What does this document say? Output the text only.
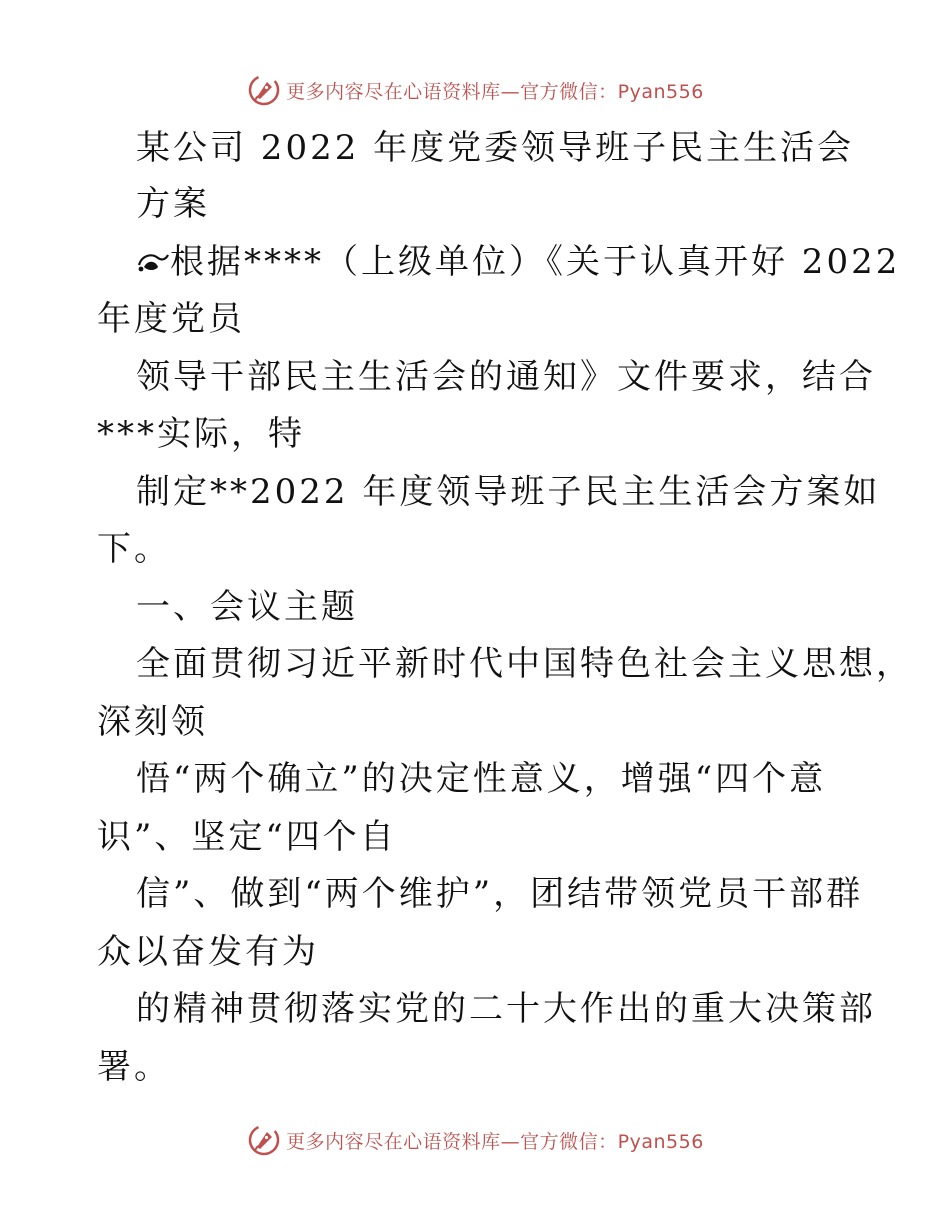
更多内容尽在心语资料库—官方微信：Pyan556
某公司 2022 年度党委领导班子民主生活会
方案
根据****（上级单位）《关于认真开好 2022
年度党员
领导干部民主生活会的通知》文件要求，结合
***实际，特
制定**2022 年度领导班子民主生活会方案如
下。
一、会议主题
全面贯彻习近平新时代中国特色社会主义思想，
深刻领
悟“两个确立”的决定性意义，增强“四个意
识”、坚定“四个自
信”、做到“两个维护”，团结带领党员干部群
众以奋发有为
的精神贯彻落实党的二十大作出的重大决策部
署。
更多内容尽在心语资料库—官方微信：Pyan556
